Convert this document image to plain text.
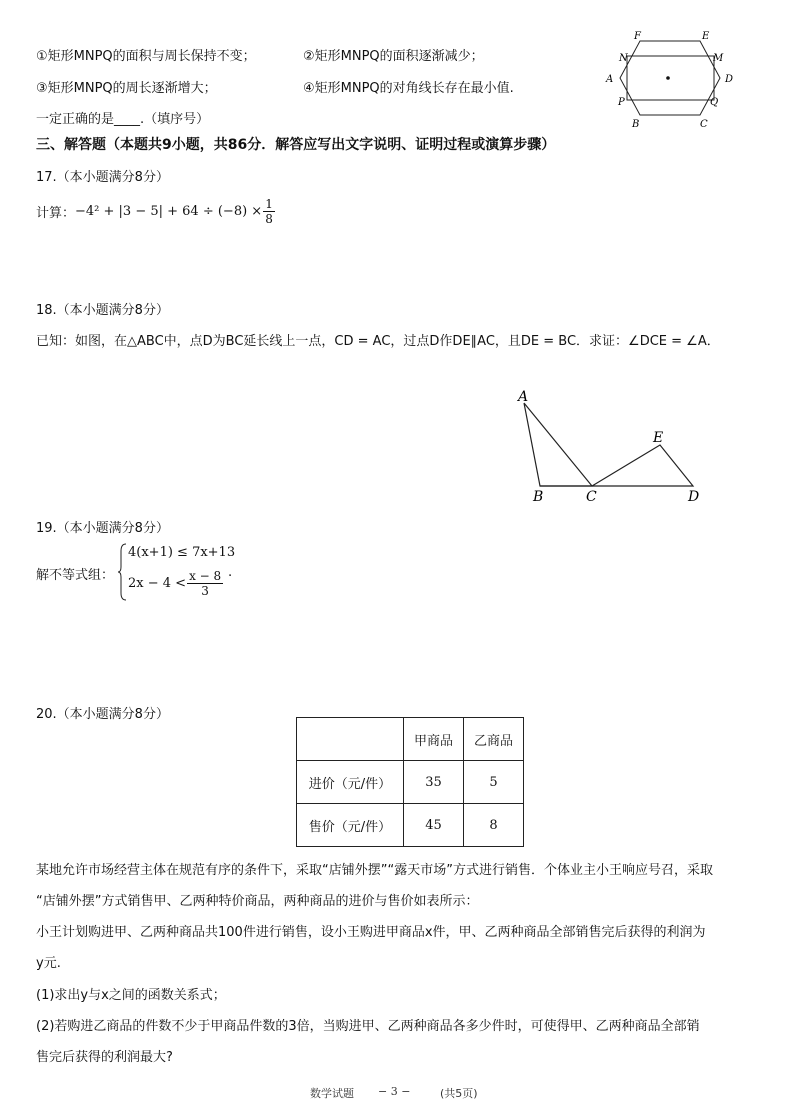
①矩形MNPQ的面积与周长保持不变；	②矩形MNPQ的面积逐渐减少；
③矩形MNPQ的周长逐渐增大；	④矩形MNPQ的对角线长存在最小值.
一定正确的是____.（填序号）
F	E
N	M
A	D
P	Q
B	C
三、解答题（本题共9小题，共86分．解答应写出文字说明、证明过程或演算步骤）
17.（本小题满分8分）
计算： $-4^2 + |3 - 5| + 64 \div (-8) \times \frac{1}{8}$
18.（本小题满分8分）
已知：如图，在△ABC中，点D为BC延长线上一点，CD = AC，过点D作DE∥AC，且DE = BC．求证：∠DCE = ∠A．
A
B	C
E
D
19.（本小题满分8分）
解不等式组：
4(x+1) ≤ 7x+13
$2x - 4 < \frac{x - 8}{3}$ .
20.（本小题满分8分）
	甲商品	乙商品
进价（元/件）	35	5
售价（元/件）	45	8
某地允许市场经营主体在规范有序的条件下，采取“店铺外摆”“露天市场”方式进行销售．个体业主小王响应号召，采取
“店铺外摆”方式销售甲、乙两种特价商品，两种商品的进价与售价如表所示：
小王计划购进甲、乙两种商品共100件进行销售，设小王购进甲商品x件，甲、乙两种商品全部销售完后获得的利润为
y元.
(1)求出y与x之间的函数关系式；
(2)若购进乙商品的件数不少于甲商品件数的3倍，当购进甲、乙两种商品各多少件时，可使得甲、乙两种商品全部销
售完后获得的利润最大?
数学试题 − 3 −	(共5页)
